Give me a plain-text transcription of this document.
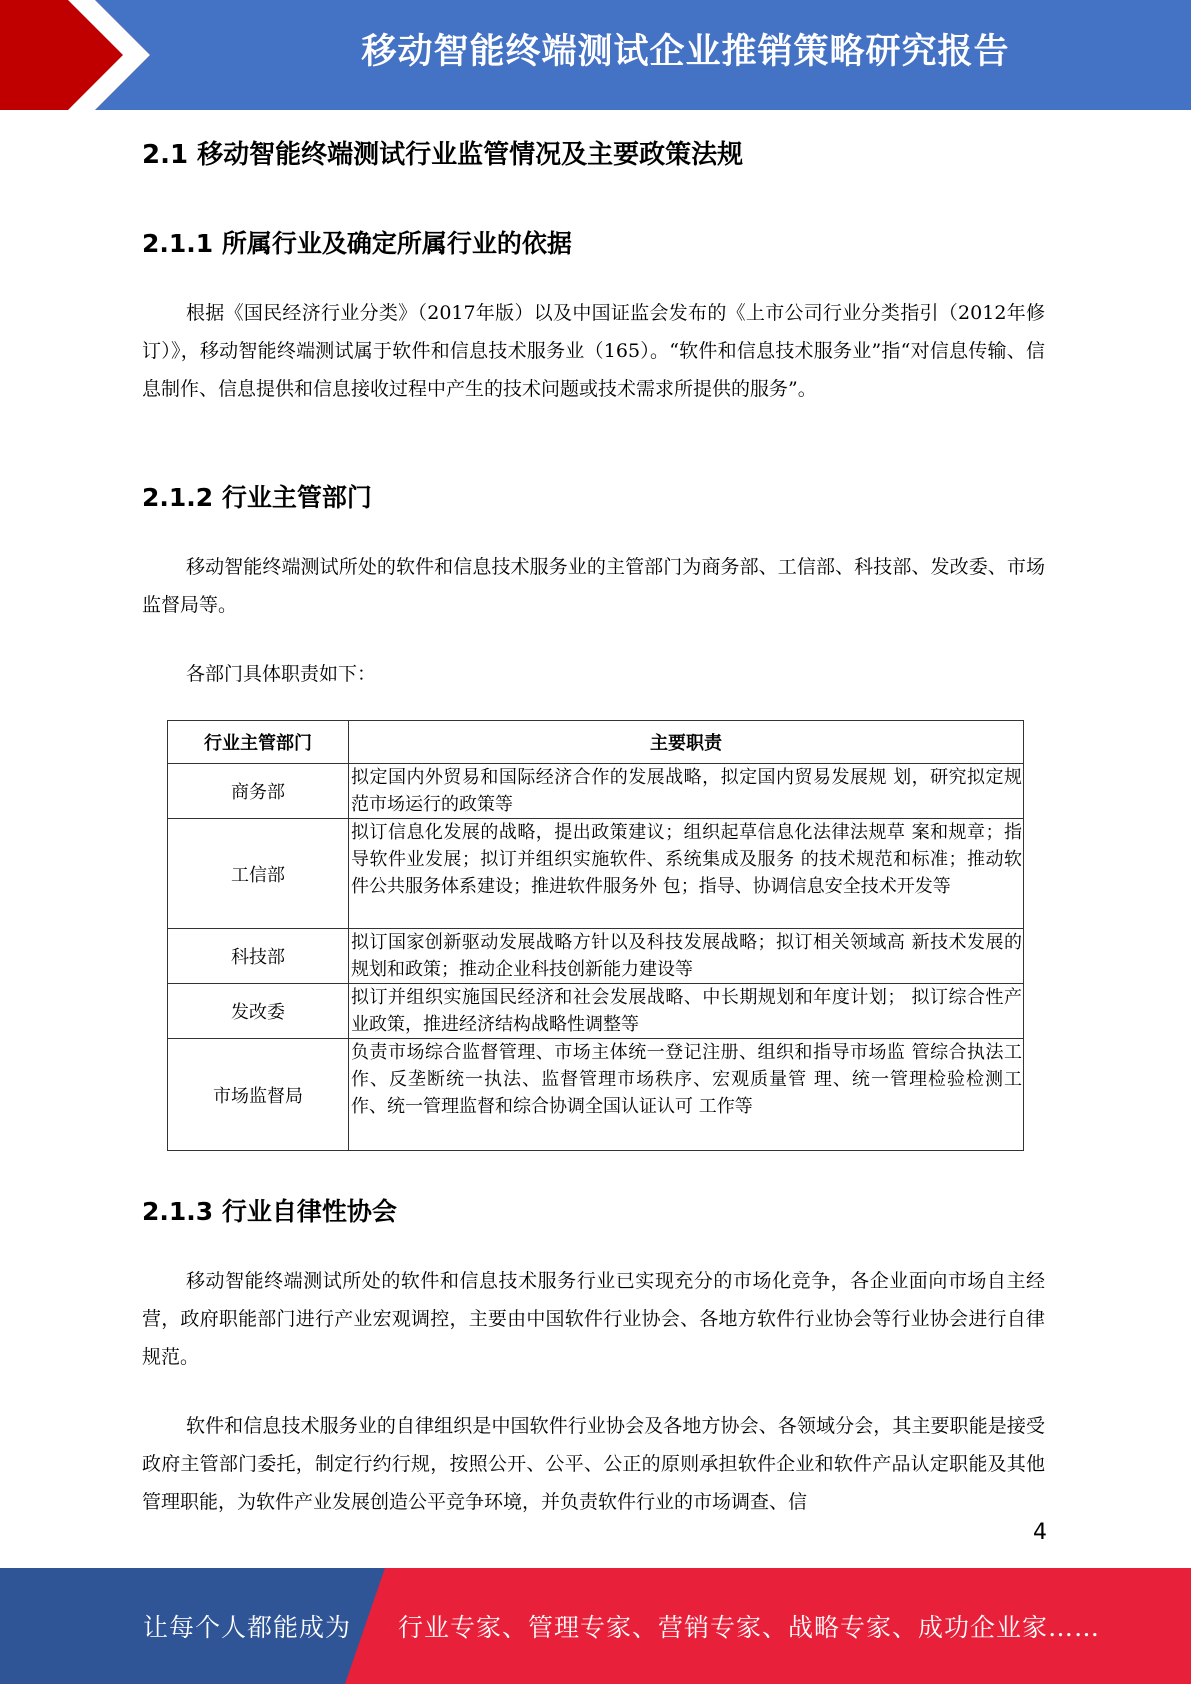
移动智能终端测试企业推销策略研究报告
2.1 移动智能终端测试行业监管情况及主要政策法规
2.1.1 所属行业及确定所属行业的依据
根据《国民经济行业分类》（2017年版）以及中国证监会发布的《上市公司行业分类指引（2012年修订）》，移动智能终端测试属于软件和信息技术服务业（165）。“软件和信息技术服务业”指“对信息传输、信息制作、信息提供和信息接收过程中产生的技术问题或技术需求所提供的服务”。
2.1.2 行业主管部门
移动智能终端测试所处的软件和信息技术服务业的主管部门为商务部、工信部、科技部、发改委、市场监督局等。
各部门具体职责如下：
行业主管部门	主要职责
商务部	拟定国内外贸易和国际经济合作的发展战略，拟定国内贸易发展规 划，研究拟定规范市场运行的政策等
工信部	拟订信息化发展的战略，提出政策建议；组织起草信息化法律法规草 案和规章；指导软件业发展；拟订并组织实施软件、系统集成及服务 的技术规范和标准；推动软件公共服务体系建设；推进软件服务外 包；指导、协调信息安全技术开发等
科技部	拟订国家创新驱动发展战略方针以及科技发展战略；拟订相关领域高 新技术发展的规划和政策；推动企业科技创新能力建设等
发改委	拟订并组织实施国民经济和社会发展战略、中长期规划和年度计划； 拟订综合性产业政策，推进经济结构战略性调整等
市场监督局	负责市场综合监督管理、市场主体统一登记注册、组织和指导市场监 管综合执法工作、反垄断统一执法、监督管理市场秩序、宏观质量管 理、统一管理检验检测工作、统一管理监督和综合协调全国认证认可 工作等
2.1.3 行业自律性协会
移动智能终端测试所处的软件和信息技术服务行业已实现充分的市场化竞争，各企业面向市场自主经营，政府职能部门进行产业宏观调控，主要由中国软件行业协会、各地方软件行业协会等行业协会进行自律规范。
软件和信息技术服务业的自律组织是中国软件行业协会及各地方协会、各领域分会，其主要职能是接受政府主管部门委托，制定行约行规，按照公开、公平、公正的原则承担软件企业和软件产品认定职能及其他管理职能，为软件产业发展创造公平竞争环境，并负责软件行业的市场调查、信
4
让每个人都能成为 行业专家、管理专家、营销专家、战略专家、成功企业家……
